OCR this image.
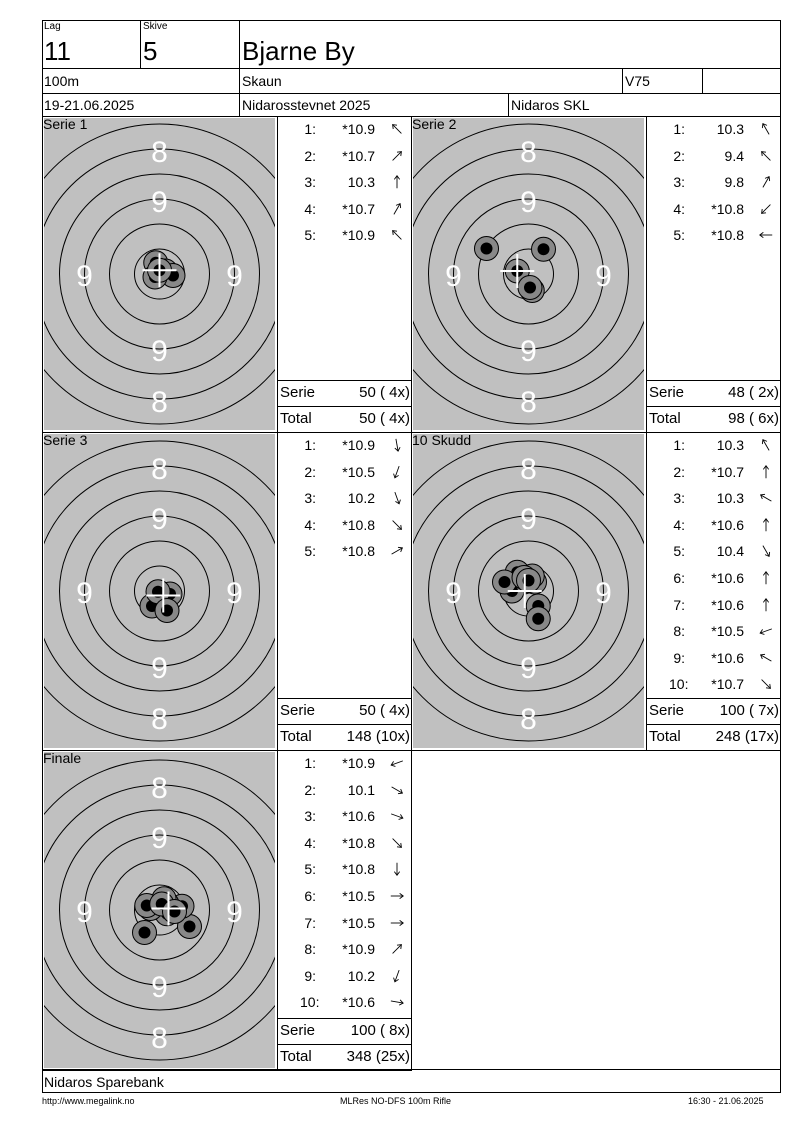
Lag
11
Skive
5	Bjarne By
100m	Skaun	V75
19-21.06.2025	Nidarosstevnet 2025	Nidaros SKL
8
9
9	9
9
8
Serie 1	1:	*10.9
2:	*10.7
3:	10.3
4:	*10.7
5:	*10.9
Serie	50 ( 4x)
Total	50 ( 4x)
8
9
9	9
9
8
Serie 2	1:	10.3
2:	9.4
3:	9.8
4:	*10.8
5:	*10.8
Serie	48 ( 2x)
Total	98 ( 6x)
8
9
9	9
9
8
Serie 3	1:	*10.9
2:	*10.5
3:	10.2
4:	*10.8
5:	*10.8
Serie	50 ( 4x)
Total	148 (10x)
8
9
9	9
9
8
10 Skudd	1:	10.3
2:	*10.7
3:	10.3
4:	*10.6
5:	10.4
6:	*10.6
7:	*10.6
8:	*10.5
9:	*10.6
10:	*10.7
Serie	100 ( 7x)
Total	248 (17x)
8
9
9	9
9
8
Finale	1:	*10.9
2:	10.1
3:	*10.6
4:	*10.8
5:	*10.8
6:	*10.5
7:	*10.5
8:	*10.9
9:	10.2
10:	*10.6
Serie	100 ( 8x)
Total	348 (25x)
Nidaros Sparebank
http://www.megalink.no	MLRes NO-DFS 100m Rifle	16:30 - 21.06.2025
